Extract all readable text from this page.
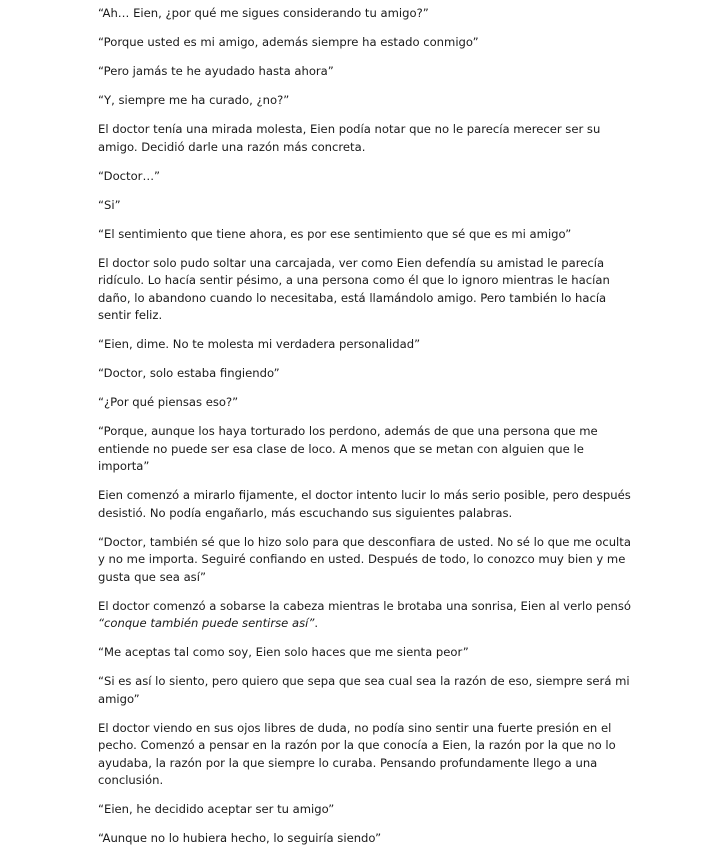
“Ah… Eien, ¿por qué me sigues considerando tu amigo?”

“Porque usted es mi amigo, además siempre ha estado conmigo”

“Pero jamás te he ayudado hasta ahora”

“Y, siempre me ha curado, ¿no?”

El doctor tenía una mirada molesta, Eien podía notar que no le parecía merecer ser su amigo. Decidió darle una razón más concreta.

“Doctor…”

“Si”

“El sentimiento que tiene ahora, es por ese sentimiento que sé que es mi amigo”

El doctor solo pudo soltar una carcajada, ver como Eien defendía su amistad le parecía ridículo. Lo hacía sentir pésimo, a una persona como él que lo ignoro mientras le hacían daño, lo abandono cuando lo necesitaba, está llamándolo amigo. Pero también lo hacía sentir feliz.

“Eien, dime. No te molesta mi verdadera personalidad”

“Doctor, solo estaba fingiendo”

“¿Por qué piensas eso?”

“Porque, aunque los haya torturado los perdono, además de que una persona que me entiende no puede ser esa clase de loco. A menos que se metan con alguien que le importa”

Eien comenzó a mirarlo fijamente, el doctor intento lucir lo más serio posible, pero después desistió. No podía engañarlo, más escuchando sus siguientes palabras.

“Doctor, también sé que lo hizo solo para que desconfiara de usted. No sé lo que me oculta y no me importa. Seguiré confiando en usted. Después de todo, lo conozco muy bien y me gusta que sea así”

El doctor comenzó a sobarse la cabeza mientras le brotaba una sonrisa, Eien al verlo pensó
“conque también puede sentirse así”.

“Me aceptas tal como soy, Eien solo haces que me sienta peor”

“Si es así lo siento, pero quiero que sepa que sea cual sea la razón de eso, siempre será mi amigo”

El doctor viendo en sus ojos libres de duda, no podía sino sentir una fuerte presión en el pecho. Comenzó a pensar en la razón por la que conocía a Eien, la razón por la que no lo ayudaba, la razón por la que siempre lo curaba. Pensando profundamente llego a una conclusión.

“Eien, he decidido aceptar ser tu amigo”

“Aunque no lo hubiera hecho, lo seguiría siendo”
